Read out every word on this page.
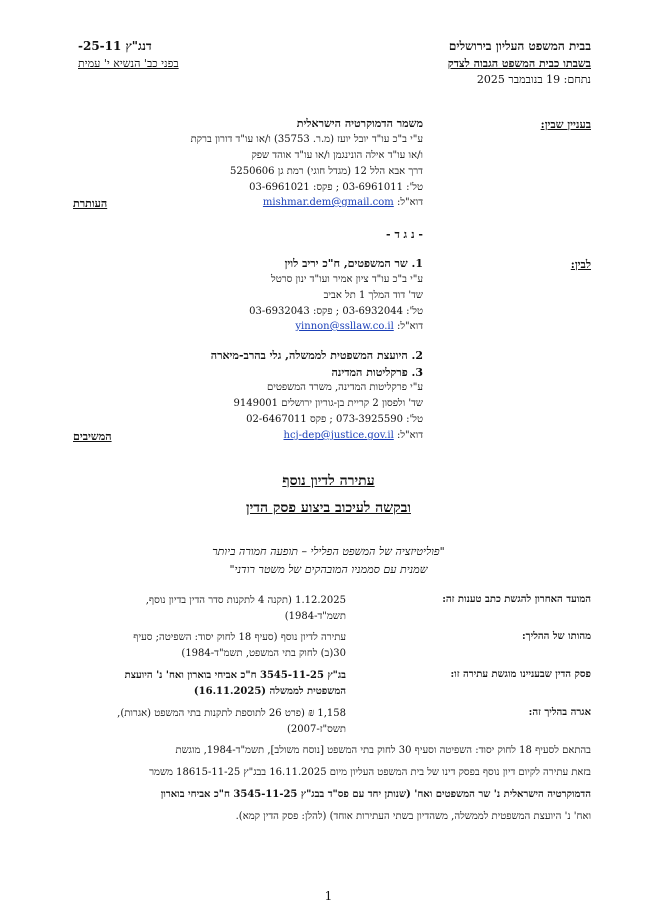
בבית המשפט העליון בירושלים
בשבתו כבית המשפט הגבוה לצדק
נתחם: 19 בנובמבר 2025
דנג"ץ 25-11-
בפני כב' הנשיא י' עמית
בעניין שבין:
משמר הדמוקרטיה הישראלית
ע"י ב"כ עו"ד יובל יועז (מ.ר. 35753) ו/או עו"ד דורון ברקת
ו/או עו"ד אילה הונינגמן ו/או עו"ד אוהד שפק
דרך אבא הלל 12 (מגדל חוגי) רמת גן 5250606
טל': 03-6961011 ; פקס: 03-6961021
דוא"ל: mishmar.dem@gmail.com
העותרת
- נ ג ד -
לבין:
1. שר המשפטים, ח"כ יריב לוין
ע"י ב"כ עו"ד ציון אמיר ועו"ד ינון סרטל
שד' דוד המלך 1 תל אביב
טל': 03-6932044 ; פקס: 03-6932043
דוא"ל: yinnon@ssllaw.co.il
2. היועצת המשפטית לממשלה, גלי בהרב-מיארה
3. פרקליטות המדינה
ע"י פרקליטות המדינה, משרד המשפטים
שד' ולפסון 2 קריית בן-גוריון ירושלים 9149001
טל': 073-3925590 ; פקס 02-6467011
דוא"ל: hcj-dep@justice.gov.il
המשיבים
עתירה לדיון נוסף
ובקשה לעיכוב ביצוע פסק הדין
"פוליטיזציה של המשפט הפלילי – תופעה חמורה ביותר
שמנית עם סממניו המובהקים של משטר רודני"
המועד האחרון להגשת כתב טענות זה:
1.12.2025 (תקנה 4 לתקנות סדר הדין בדיון נוסף, תשמ"ד-1984)
מהותו של ההליך:
עתירה לדיון נוסף (סעיף 18 לחוק יסוד: השפיטה; סעיף 30(ב) לחוק בתי המשפט, תשמ"ד-1984)
פסק הדין שבעניינו מוגשת עתירה זו:
בג"ץ 3545-11-25 ח"כ אביחי בוארון ואח' נ' היועצת המשפטית לממשלה (16.11.2025)
אגרה בהליך זה:
1,158 ₪ (פרט 26 לתוספת לתקנות בתי המשפט (אגרות), תשס"ז-2007)
בהתאם לסעיף 18 לחוק יסוד: השפיטה וסעיף 30 לחוק בתי המשפט [נוסח משולב], תשמ"ד-1984, מוגשת
בזאת עתירה לקיום דיון נוסף בפסק דינו של בית המשפט העליון מיום 16.11.2025 בבג"ץ 18615-11-25 משמר
הדמוקרטיה הישראלית נ' שר המשפטים ואח' (שנותן יחד עם פס"ד בבג"ץ 3545-11-25 ח"כ אביחי בוארון
ואח' נ' היועצת המשפטית לממשלה, משהדיון בשתי העתירות אוחד) (להלן: פסק הדין קמא).
1
